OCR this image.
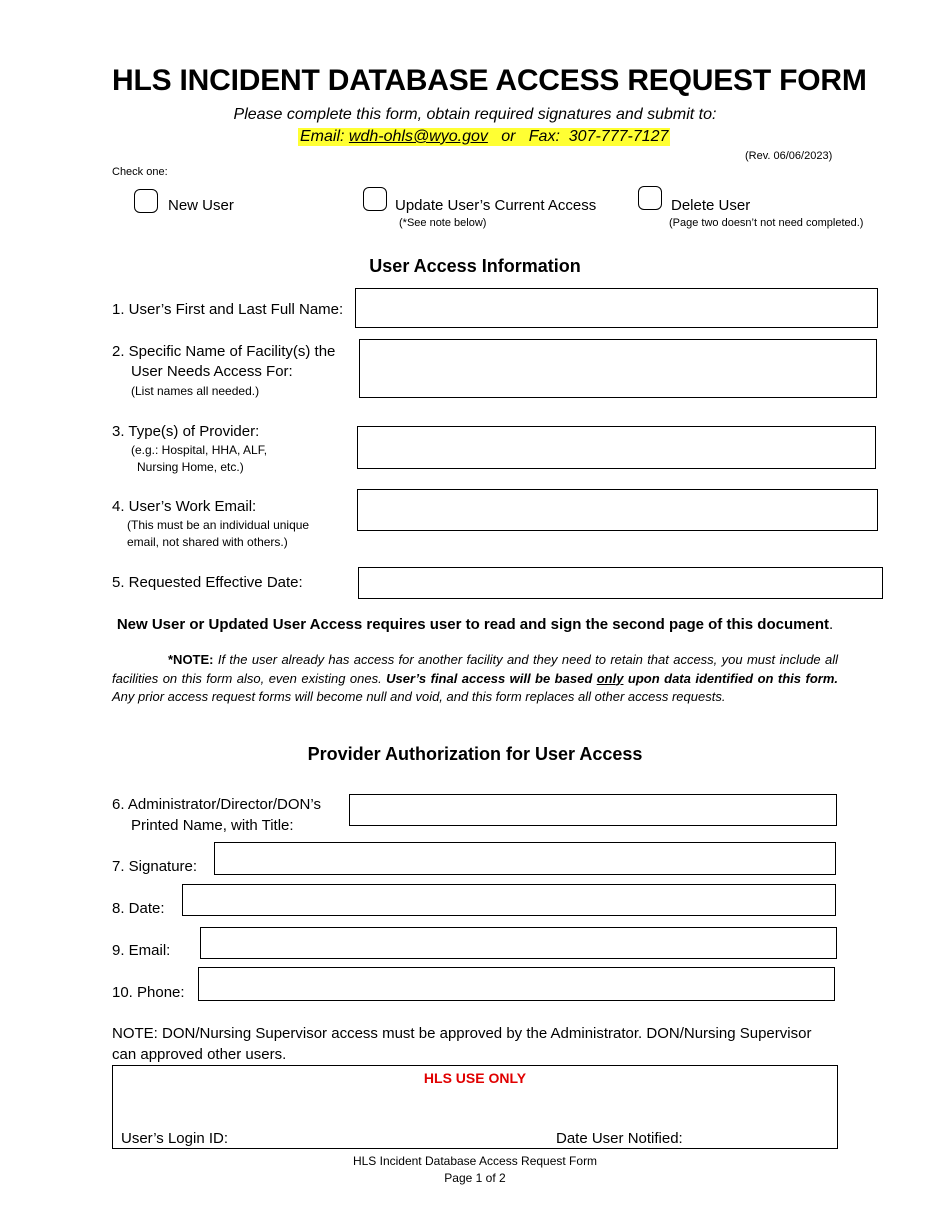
HLS INCIDENT DATABASE ACCESS REQUEST FORM
Please complete this form, obtain required signatures and submit to:
Email: wdh-ohls@wyo.gov   or   Fax:  307-777-7127
(Rev. 06/06/2023)
Check one:
New User	Update User’s Current Access
(*See note below)
Delete User
(Page two doesn’t not need completed.)
User Access Information
1. User’s First and Last Full Name:
2. Specific Name of Facility(s) the
User Needs Access For:
(List names all needed.)
3. Type(s) of Provider:
(e.g.: Hospital, HHA, ALF,
Nursing Home, etc.)
4. User’s Work Email:
(This must be an individual unique
email, not shared with others.)
5. Requested Effective Date:
New User or Updated User Access requires user to read and sign the second page of this document.
*NOTE: If the user already has access for another facility and they need to retain that access, you must include all facilities on this form also, even existing ones. User’s final access will be based only upon data identified on this form. Any prior access request forms will become null and void, and this form replaces all other access requests.
Provider Authorization for User Access
6. Administrator/Director/DON’s
Printed Name, with Title:
7. Signature:
8. Date:
9. Email:
10. Phone:
NOTE: DON/Nursing Supervisor access must be approved by the Administrator. DON/Nursing Supervisor can approved other users.
HLS USE ONLY
User’s Login ID:	Date User Notified:
HLS Incident Database Access Request Form
Page 1 of 2
